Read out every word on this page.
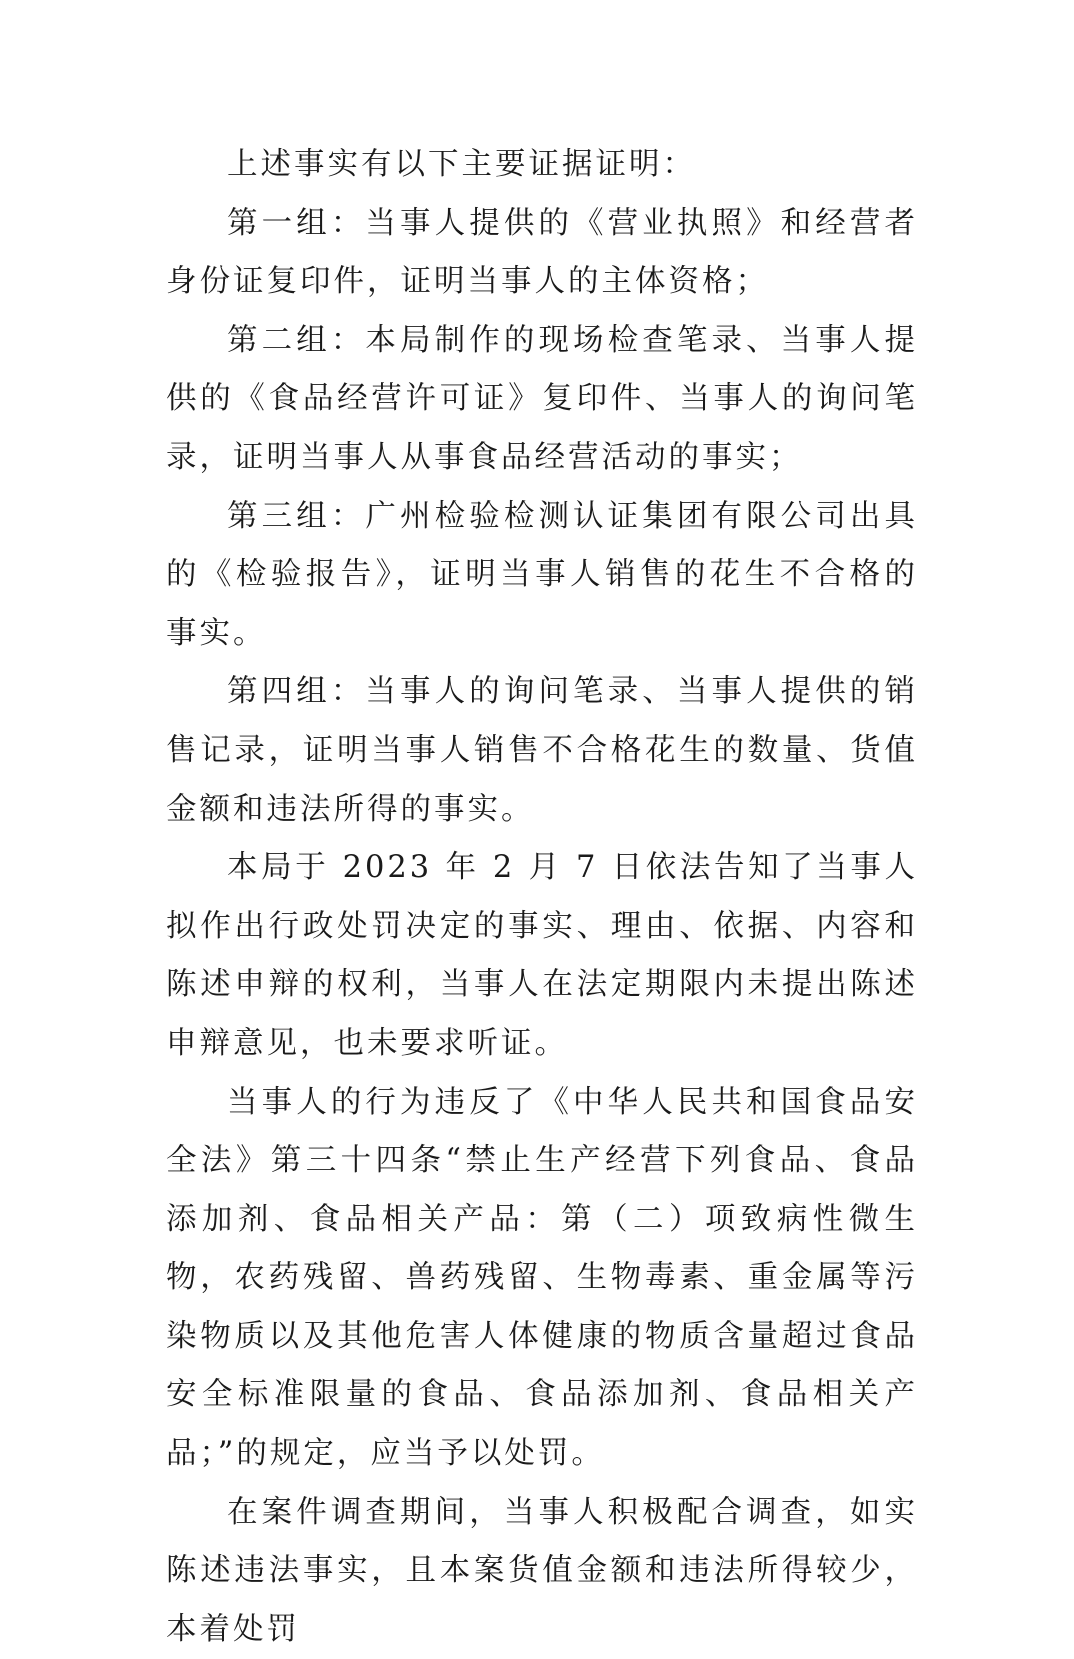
上述事实有以下主要证据证明：

第一组：当事人提供的《营业执照》和经营者身份证复印件，证明当事人的主体资格；

第二组：本局制作的现场检查笔录、当事人提供的《食品经营许可证》复印件、当事人的询问笔录，证明当事人从事食品经营活动的事实；

第三组：广州检验检测认证集团有限公司出具的《检验报告》，证明当事人销售的花生不合格的事实。

第四组：当事人的询问笔录、当事人提供的销售记录，证明当事人销售不合格花生的数量、货值金额和违法所得的事实。

本局于 2023 年 2 月 7 日依法告知了当事人拟作出行政处罚决定的事实、理由、依据、内容和陈述申辩的权利，当事人在法定期限内未提出陈述申辩意见，也未要求听证。

当事人的行为违反了《中华人民共和国食品安全法》第三十四条“禁止生产经营下列食品、食品添加剂、食品相关产品：第（二）项致病性微生物，农药残留、兽药残留、生物毒素、重金属等污染物质以及其他危害人体健康的物质含量超过食品安全标准限量的食品、食品添加剂、食品相关产品；”的规定，应当予以处罚。

在案件调查期间，当事人积极配合调查，如实陈述违法事实，且本案货值金额和违法所得较少，本着处罚
